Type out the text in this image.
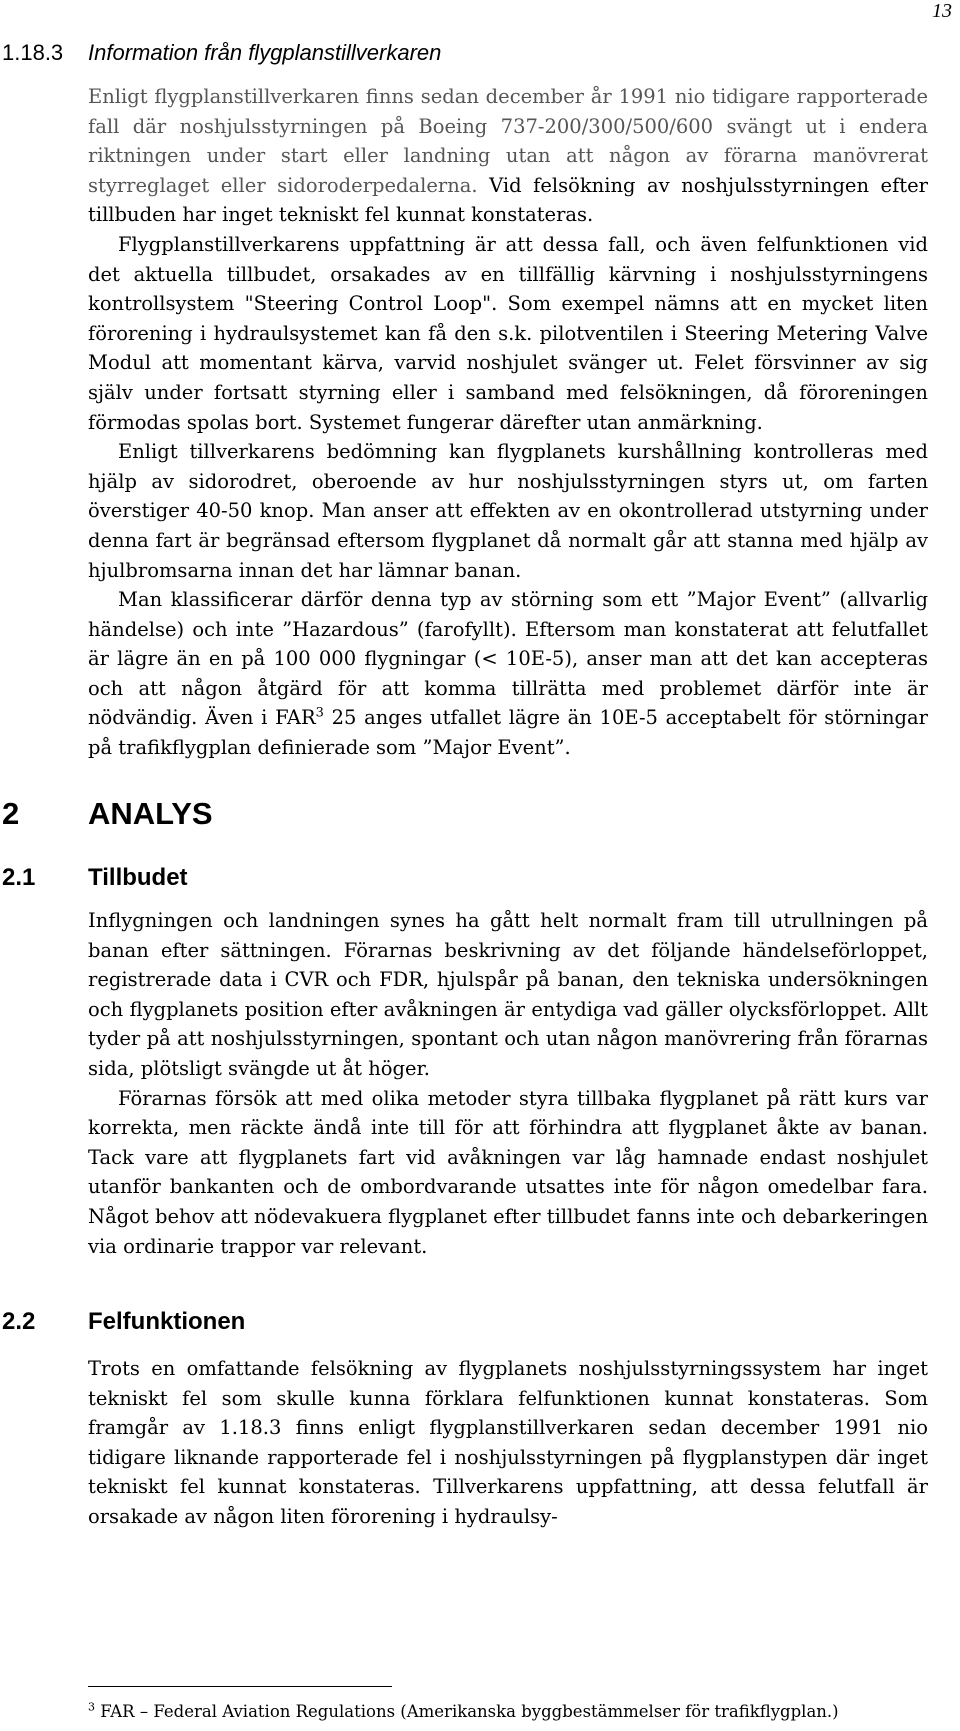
13
1.18.3 Information från flygplanstillverkaren

Enligt flygplanstillverkaren finns sedan december år 1991 nio tidigare rapporterade fall där noshjulsstyrningen på Boeing 737-200/300/500/600 svängt ut i endera riktningen under start eller landning utan att någon av förarna manövrerat styrreglaget eller sidoroderpedalerna. Vid felsökning av noshjulsstyrningen efter tillbuden har inget tekniskt fel kunnat konstateras.

Flygplanstillverkarens uppfattning är att dessa fall, och även felfunktionen vid det aktuella tillbudet, orsakades av en tillfällig kärvning i noshjulsstyrningens kontrollsystem "Steering Control Loop". Som exempel nämns att en mycket liten förorening i hydraulsystemet kan få den s.k. pilotventilen i Steering Metering Valve Modul att momentant kärva, varvid noshjulet svänger ut. Felet försvinner av sig själv under fortsatt styrning eller i samband med felsökningen, då föroreningen förmodas spolas bort. Systemet fungerar därefter utan anmärkning.

Enligt tillverkarens bedömning kan flygplanets kurshållning kontrolleras med hjälp av sidorodret, oberoende av hur noshjulsstyrningen styrs ut, om farten överstiger 40-50 knop. Man anser att effekten av en okontrollerad utstyrning under denna fart är begränsad eftersom flygplanet då normalt går att stanna med hjälp av hjulbromsarna innan det har lämnar banan.

Man klassificerar därför denna typ av störning som ett ”Major Event” (allvarlig händelse) och inte ”Hazardous” (farofyllt). Eftersom man konstaterat att felutfallet är lägre än en på 100 000 flygningar (< 10E-5), anser man att det kan accepteras och att någon åtgärd för att komma tillrätta med problemet därför inte är nödvändig. Även i FAR$^3$ 25 anges utfallet lägre än 10E-5 acceptabelt för störningar på trafikflygplan definierade som ”Major Event”.

2 ANALYS
2.1 Tillbudet

Inflygningen och landningen synes ha gått helt normalt fram till utrullningen på banan efter sättningen. Förarnas beskrivning av det följande händelseförloppet, registrerade data i CVR och FDR, hjulspår på banan, den tekniska undersökningen och flygplanets position efter avåkningen är entydiga vad gäller olycksförloppet. Allt tyder på att noshjulsstyrningen, spontant och utan någon manövrering från förarnas sida, plötsligt svängde ut åt höger.

Förarnas försök att med olika metoder styra tillbaka flygplanet på rätt kurs var korrekta, men räckte ändå inte till för att förhindra att flygplanet åkte av banan. Tack vare att flygplanets fart vid avåkningen var låg hamnade endast noshjulet utanför bankanten och de ombordvarande utsattes inte för någon omedelbar fara. Något behov att nödevakuera flygplanet efter tillbudet fanns inte och debarkeringen via ordinarie trappor var relevant.

2.2 Felfunktionen

Trots en omfattande felsökning av flygplanets noshjulsstyrningssystem har inget tekniskt fel som skulle kunna förklara felfunktionen kunnat konstateras. Som framgår av 1.18.3 finns enligt flygplanstillverkaren sedan december 1991 nio tidigare liknande rapporterade fel i noshjulsstyrningen på flygplanstypen där inget tekniskt fel kunnat konstateras. Tillverkarens uppfattning, att dessa felutfall är orsakade av någon liten förorening i hydraulsy-

$^3$ FAR – Federal Aviation Regulations (Amerikanska byggbestämmelser för trafikflygplan.)
